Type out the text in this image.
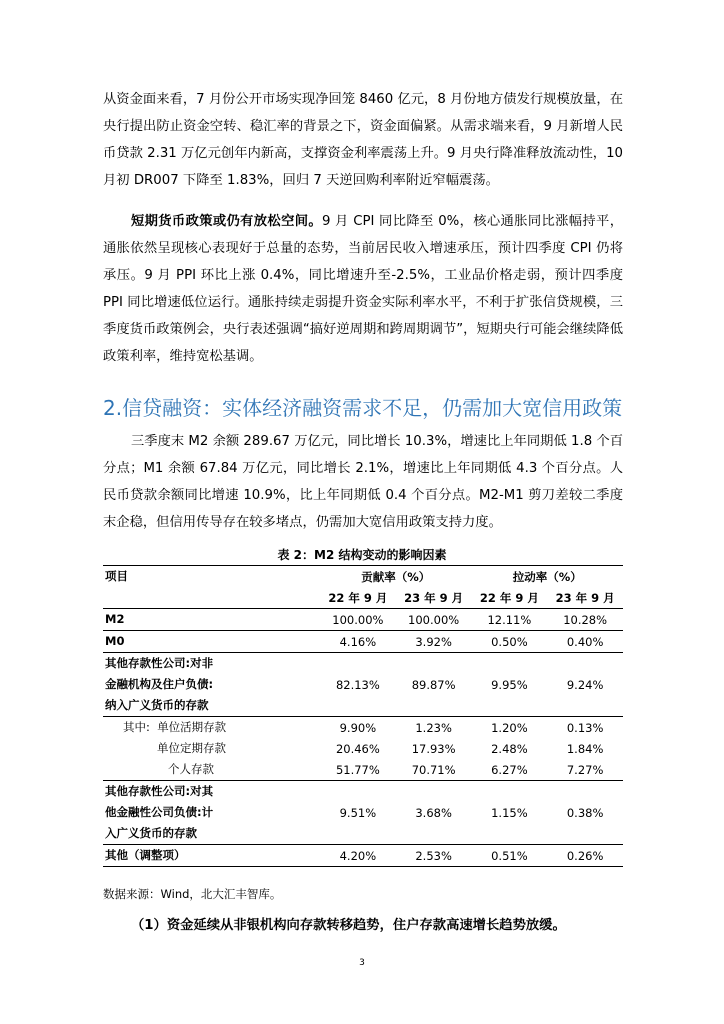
从资金面来看，7 月份公开市场实现净回笼 8460 亿元，8 月份地方债发行规模放量，在央行提出防止资金空转、稳汇率的背景之下，资金面偏紧。从需求端来看，9 月新增人民币贷款 2.31 万亿元创年内新高，支撑资金利率震荡上升。9 月央行降准释放流动性，10 月初 DR007 下降至 1.83%，回归 7 天逆回购利率附近窄幅震荡。

短期货币政策或仍有放松空间。9 月 CPI 同比降至 0%，核心通胀同比涨幅持平，通胀依然呈现核心表现好于总量的态势，当前居民收入增速承压，预计四季度 CPI 仍将承压。9 月 PPI 环比上涨 0.4%，同比增速升至-2.5%，工业品价格走弱，预计四季度 PPI 同比增速低位运行。通胀持续走弱提升资金实际利率水平，不利于扩张信贷规模，三季度货币政策例会，央行表述强调“搞好逆周期和跨周期调节”，短期央行可能会继续降低政策利率，维持宽松基调。

2.信贷融资：实体经济融资需求不足，仍需加大宽信用政策

三季度末 M2 余额 289.67 万亿元，同比增长 10.3%，增速比上年同期低 1.8 个百分点；M1 余额 67.84 万亿元，同比增长 2.1%，增速比上年同期低 4.3 个百分点。人民币贷款余额同比增速 10.9%，比上年同期低 0.4 个百分点。M2-M1 剪刀差较二季度末企稳，但信用传导存在较多堵点，仍需加大宽信用政策支持力度。

表 2：M2 结构变动的影响因素
项目	贡献率（%）		拉动率（%）	
	22 年 9 月	23 年 9 月	22 年 9 月	23 年 9 月
M2	100.00%	100.00%	12.11%	10.28%
M0	4.16%	3.92%	0.50%	0.40%

其他存款性公司:对非
金融机构及住户负债:
纳入广义货币的存款	82.13%	89.87%	9.95%	9.24%
其中: 单位活期存款	9.90%	1.23%	1.20%	0.13%
单位定期存款	20.46%	17.93%	2.48%	1.84%
个人存款	51.77%	70.71%	6.27%	7.27%

其他存款性公司:对其
他金融性公司负债:计
入广义货币的存款	9.51%	3.68%	1.15%	0.38%
其他（调整项）	4.20%	2.53%	0.51%	0.26%
数据来源：Wind，北大汇丰智库。
（1）资金延续从非银机构向存款转移趋势，住户存款高速增长趋势放缓。
3
